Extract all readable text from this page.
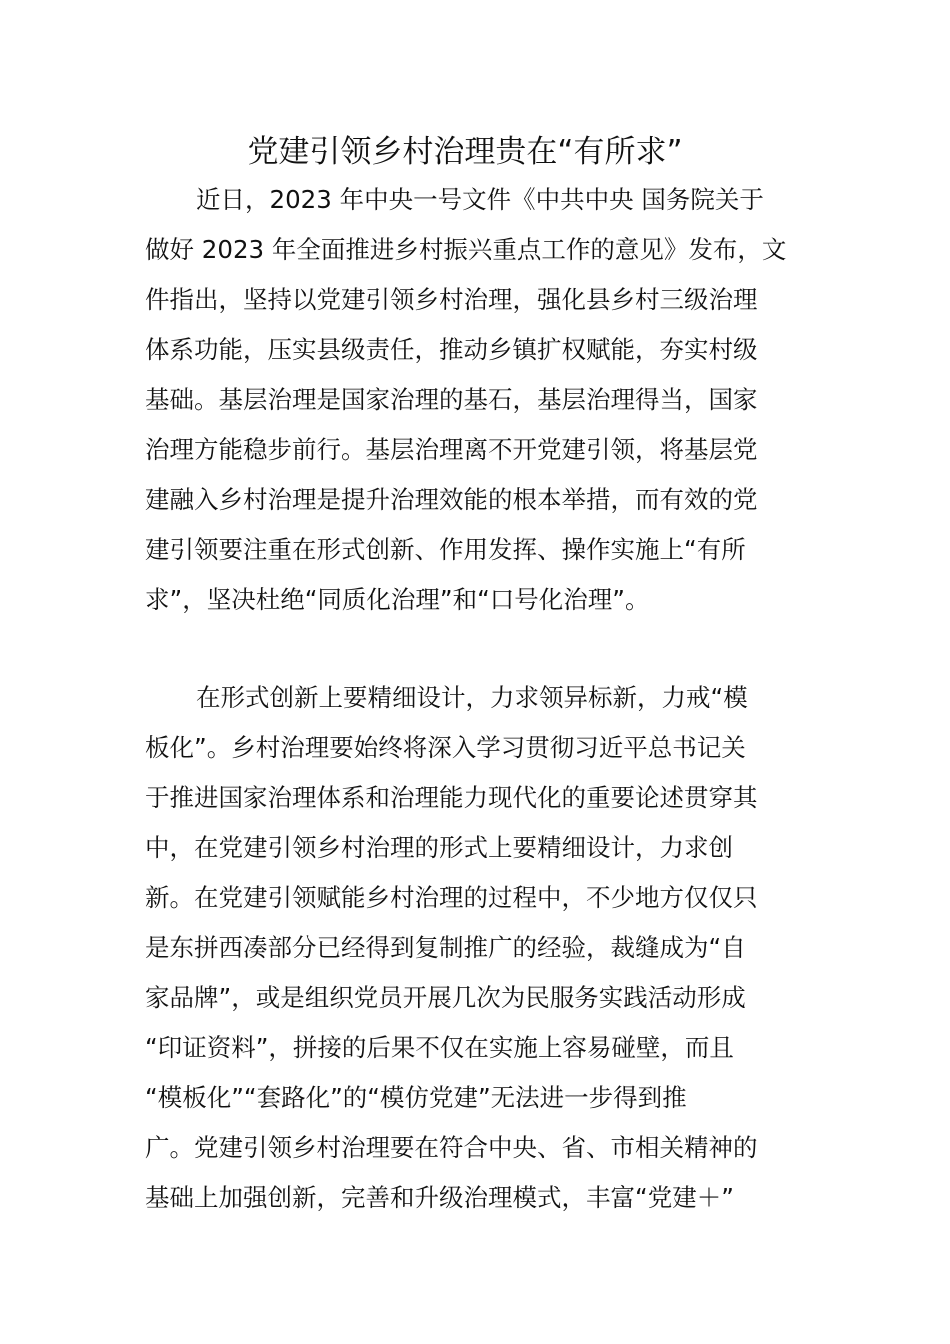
党建引领乡村治理贵在“有所求”
近日，2023 年中央一号文件《中共中央 国务院关于
做好 2023 年全面推进乡村振兴重点工作的意见》发布，文
件指出，坚持以党建引领乡村治理，强化县乡村三级治理
体系功能，压实县级责任，推动乡镇扩权赋能，夯实村级
基础。基层治理是国家治理的基石，基层治理得当，国家
治理方能稳步前行。基层治理离不开党建引领，将基层党
建融入乡村治理是提升治理效能的根本举措，而有效的党
建引领要注重在形式创新、作用发挥、操作实施上“有所
求”，坚决杜绝“同质化治理”和“口号化治理”。
在形式创新上要精细设计，力求领异标新，力戒“模
板化”。乡村治理要始终将深入学习贯彻习近平总书记关
于推进国家治理体系和治理能力现代化的重要论述贯穿其
中，在党建引领乡村治理的形式上要精细设计，力求创
新。在党建引领赋能乡村治理的过程中，不少地方仅仅只
是东拼西凑部分已经得到复制推广的经验，裁缝成为“自
家品牌”，或是组织党员开展几次为民服务实践活动形成
“印证资料”，拼接的后果不仅在实施上容易碰壁，而且
“模板化”“套路化”的“模仿党建”无法进一步得到推
广。党建引领乡村治理要在符合中央、省、市相关精神的
基础上加强创新，完善和升级治理模式，丰富“党建＋”
